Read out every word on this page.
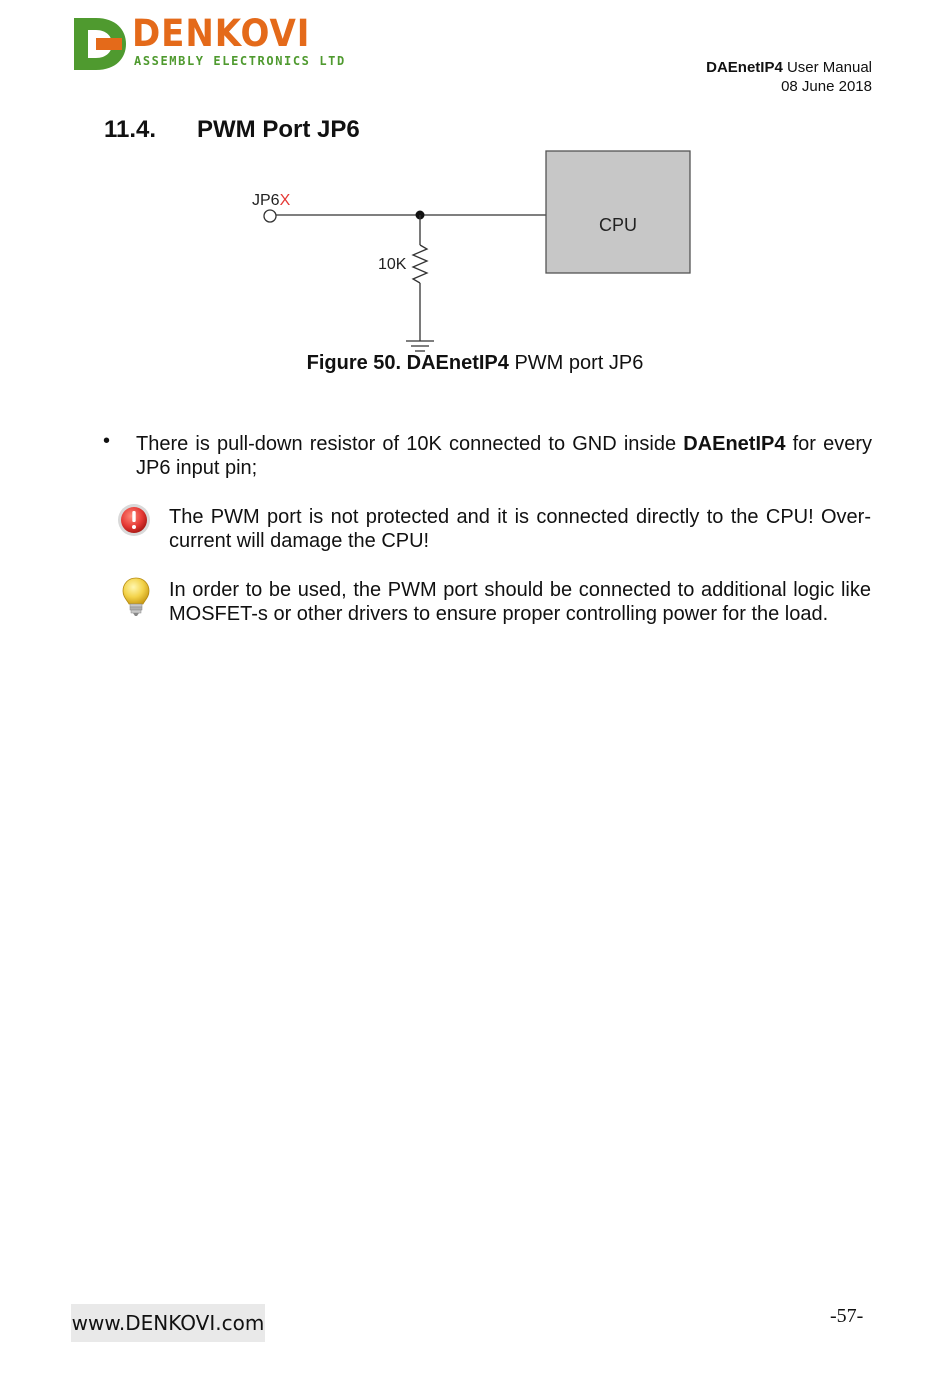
DENKOVI
ASSEMBLY ELECTRONICS LTD	DAEnetIP4 User Manual
08 June 2018
11.4. PWM Port JP6
JP6X
10K
CPU
Figure 50. DAEnetIP4 PWM port JP6
• There is pull-down resistor of 10K connected to GND inside DAEnetIP4 for every JP6 input pin;
The PWM port is not protected and it is connected directly to the CPU! Over-current will damage the CPU!
In order to be used, the PWM port should be connected to additional logic like MOSFET-s or other drivers to ensure proper controlling power for the load.
www.DENKOVI.com	-57-
